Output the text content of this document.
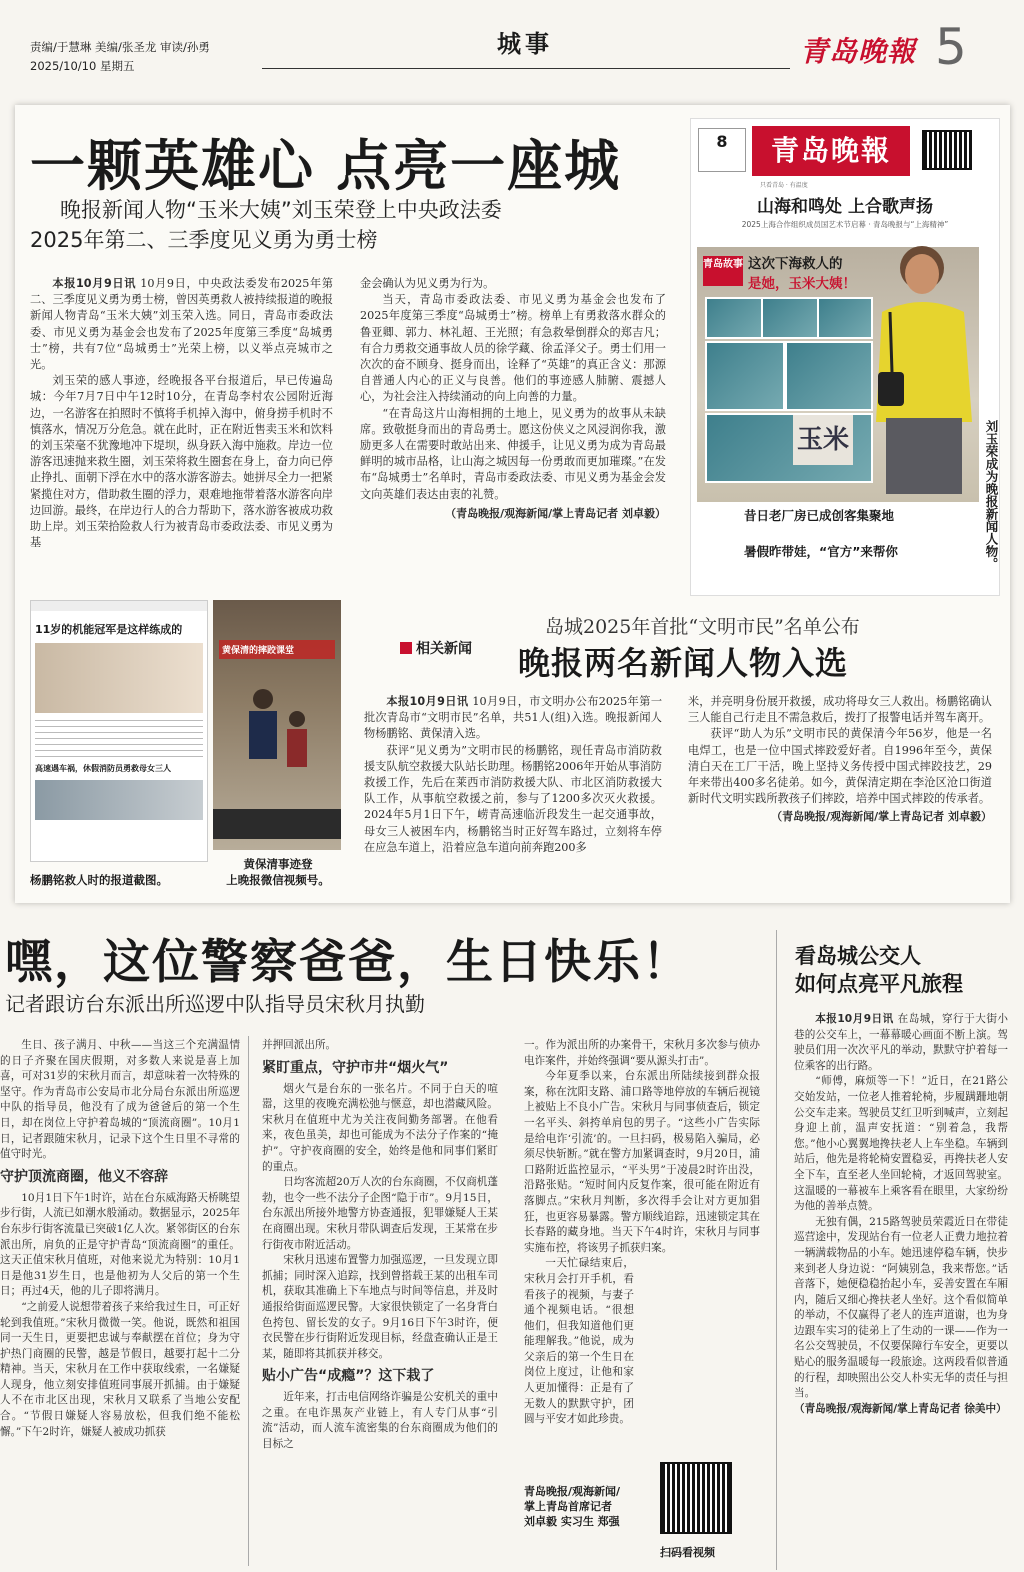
责编/于慧琳 美编/张圣龙 审读/孙勇
2025/10/10 星期五
城事	青岛晚報 5
一颗英雄心 点亮一座城
晚报新闻人物“玉米大姨”刘玉荣登上中央政法委
2025年第二、三季度见义勇为勇士榜

本报10月9日讯 10月9日，中央政法委发布2025年第二、三季度见义勇为勇士榜，曾因英勇救人被持续报道的晚报新闻人物青岛“玉米大姨”刘玉荣入选。同日，青岛市委政法委、市见义勇为基金会也发布了2025年度第三季度“岛城勇士”榜，共有7位“岛城勇士”光荣上榜，以义举点亮城市之光。

刘玉荣的感人事迹，经晚报各平台报道后，早已传遍岛城：今年7月7日中午12时10分，在青岛李村农公园附近海边，一名游客在拍照时不慎将手机掉入海中，俯身捞手机时不慎落水，情况万分危急。就在此时，正在附近售卖玉米和饮料的刘玉荣毫不犹豫地冲下堤坝，纵身跃入海中施救。岸边一位游客迅速抛来救生圈，刘玉荣将救生圈套在身上，奋力向已停止挣扎、面朝下浮在水中的落水游客游去。她拼尽全力一把紧紧揽住对方，借助救生圈的浮力，艰难地拖带着落水游客向岸边回游。最终，在岸边行人的合力帮助下，落水游客被成功救助上岸。刘玉荣拾险救人行为被青岛市委政法委、市见义勇为基

金会确认为见义勇为行为。

当天，青岛市委政法委、市见义勇为基金会也发布了2025年度第三季度“岛城勇士”榜。榜单上有勇救落水群众的鲁亚卿、郭力、林礼超、王光照；有急救晕倒群众的郑吉凡；有合力勇救交通事故人员的徐学藏、徐孟泽父子。勇士们用一次次的奋不顾身、挺身而出，诠释了“英雄”的真正含义：那源自普通人内心的正义与良善。他们的事迹感人肺腑、震撼人心，为社会注入持续涌动的向上向善的力量。

“在青岛这片山海相拥的土地上，见义勇为的故事从未缺席。致敬挺身而出的青岛勇士。愿这份侠义之风浸润你我，激励更多人在需要时敢站出来、伸援手，让见义勇为成为青岛最鲜明的城市品格，让山海之城因每一份勇敢而更加璀璨。”在发布“岛城勇士”名单时，青岛市委政法委、市见义勇为基金会发文向英雄们表达由衷的礼赞。

（青岛晚报/观海新闻/掌上青岛记者 刘卓毅）
8	青岛晚報
只看青岛 · 有温度
山海和鸣处 上合歌声扬
2025上海合作组织成员国艺术节启幕 · 青岛晚报与“上海精神”
玉米
青岛故事 这次下海救人的
是她，玉米大姨！
昔日老厂房已成创客集聚地
暑假昨带娃，“官方”来帮你	刘玉荣成为晚报新闻人物。
11岁的机能冠军是这样练成的
高速遇车祸，休假消防员勇救母女三人
杨鹏铭救人时的报道截图。
黄保清的摔跤课堂
黄保清事迹登
上晚报微信视频号。
相关新闻
岛城2025年首批“文明市民”名单公布
晚报两名新闻人物入选

本报10月9日讯 10月9日，市文明办公布2025年第一批次青岛市“文明市民”名单，共51人(组)入选。晚报新闻人物杨鹏铭、黄保清入选。

获评“见义勇为”文明市民的杨鹏铭，现任青岛市消防救援支队航空救援大队站长助理。杨鹏铭2006年开始从事消防救援工作，先后在莱西市消防救援大队、市北区消防救援大队工作，从事航空救援之前，参与了1200多次灭火救援。2024年5月1日下午，崂青高速临沂段发生一起交通事故，母女三人被困车内，杨鹏铭当时正好驾车路过，立刻将车停在应急车道上，沿着应急车道向前奔跑200多

米，并亮明身份展开救援，成功将母女三人救出。杨鹏铭确认三人能自己行走且不需急救后，拨打了报警电话并驾车离开。

获评“助人为乐”文明市民的黄保清今年56岁，他是一名电焊工，也是一位中国式摔跤爱好者。自1996年至今，黄保清白天在工厂干活，晚上坚持义务传授中国式摔跤技艺，29年来带出400多名徒弟。如今，黄保清定期在李沧区沧口街道新时代文明实践所教孩子们摔跤，培养中国式摔跤的传承者。

（青岛晚报/观海新闻/掌上青岛记者 刘卓毅）
嘿，这位警察爸爸，生日快乐！
记者跟访台东派出所巡逻中队指导员宋秋月执勤

生日、孩子满月、中秋——当这三个充满温情的日子齐聚在国庆假期，对多数人来说是喜上加喜，可对31岁的宋秋月而言，却意味着一次特殊的坚守。作为青岛市公安局市北分局台东派出所巡逻中队的指导员，他没有了成为爸爸后的第一个生日，却在岗位上守护着岛城的“顶流商圈”。10月1日，记者跟随宋秋月，记录下这个生日里不寻常的值守时光。

守护顶流商圈，他义不容辞

10月1日下午1时许，站在台东威海路天桥眺望步行街，人流已如潮水般涌动。数据显示，2025年台东步行街客流量已突破1亿人次。紧邻街区的台东派出所，肩负的正是守护青岛“顶流商圈”的重任。这天正值宋秋月值班，对他来说尤为特别：10月1日是他31岁生日，也是他初为人父后的第一个生日；再过4天，他的儿子即将满月。

“之前爱人说想带着孩子来给我过生日，可正好轮到我值班。”宋秋月微微一笑。他说，既然和祖国同一天生日，更要把忠诚与奉献摆在首位；身为守护热门商圈的民警，越是节假日，越要打起十二分精神。当天，宋秋月在工作中获取线索，一名嫌疑人现身，他立刻安排值班同事展开抓捕。由于嫌疑人不在市北区出现，宋秋月又联系了当地公安配合。“节假日嫌疑人容易放松，但我们绝不能松懈。”下午2时许，嫌疑人被成功抓获

并押回派出所。

紧盯重点，守护市井“烟火气”

烟火气是台东的一张名片。不同于白天的喧嚣，这里的夜晚充满松弛与惬意，却也潜藏风险。宋秋月在值班中尤为关注夜间勤务部署。在他看来，夜色虽美，却也可能成为不法分子作案的“掩护”。守护夜商圈的安全，始终是他和同事们紧盯的重点。

日均客流超20万人次的台东商圈，不仅商机蓬勃，也令一些不法分子企图“隐于市”。9月15日，台东派出所接外地警方协查通报，犯罪嫌疑人王某在商圈出现。宋秋月带队调查后发现，王某常在步行街夜市附近活动。

宋秋月迅速布置警力加强巡逻，一旦发现立即抓捕；同时深入追踪，找到曾搭载王某的出租车司机，获取其准确上下车地点与时间等信息，并及时通报给街面巡逻民警。大家很快锁定了一名身背白色挎包、留长发的女子。9月16日下午3时许，便衣民警在步行街附近发现目标，经盘查确认正是王某，随即将其抓获并移交。

贴小广告“成瘾”？这下栽了

近年来，打击电信网络诈骗是公安机关的重中之重。在电诈黑灰产业链上，有人专门从事“引流”活动，而人流车流密集的台东商圈成为他们的目标之

一。作为派出所的办案骨干，宋秋月多次参与侦办电诈案件，并始终强调“要从源头打击”。

今年夏季以来，台东派出所陆续接到群众报案，称在沈阳支路、浦口路等地停放的车辆后视镜上被贴上不良小广告。宋秋月与同事侦查后，锁定一名平头、斜挎单肩包的男子。“这些小广告实际是给电诈‘引流’的。一旦扫码，极易陷入骗局，必须尽快斩断。”就在警方加紧调查时，9月20日，浦口路附近监控显示，“平头男”于凌晨2时许出没，沿路张贴。“短时间内反复作案，很可能在附近有落脚点。”宋秋月判断，多次得手会让对方更加猖狂，也更容易暴露。警方顺线追踪，迅速锁定其在长春路的藏身地。当天下午4时许，宋秋月与同事实施布控，将该男子抓获归案。

一天忙碌结束后，宋秋月会打开手机，看看孩子的视频，与妻子通个视频电话。“很想他们，但我知道他们更能理解我。”他说，成为父亲后的第一个生日在岗位上度过，让他和家人更加懂得：正是有了无数人的默默守护，团圆与平安才如此珍贵。

青岛晚报/观海新闻/掌上青岛首席记者 刘卓毅 实习生 郑强
扫码看视频
看岛城公交人
如何点亮平凡旅程

本报10月9日讯 在岛城，穿行于大街小巷的公交车上，一幕幕暖心画面不断上演。驾驶员们用一次次平凡的举动，默默守护着每一位乘客的出行路。

“师傅，麻烦等一下！”近日，在21路公交始发站，一位老人推着轮椅，步履蹒跚地朝公交车走来。驾驶员艾红卫听到喊声，立刻起身迎上前，温声安抚道：“别着急，我帮您。”他小心翼翼地搀扶老人上车坐稳。车辆到站后，他先是将轮椅安置稳妥，再搀扶老人安全下车，直至老人坐回轮椅，才返回驾驶室。这温暖的一幕被车上乘客看在眼里，大家纷纷为他的善举点赞。

无独有偶，215路驾驶员荣霞近日在带徒巡营途中，发现站台有一位老人正费力地拉着一辆满载物品的小车。她迅速停稳车辆，快步来到老人身边说：“阿姨别急，我来帮您。”话音落下，她便稳稳抬起小车，妥善安置在车厢内，随后又细心搀扶老人坐好。这个看似简单的举动，不仅赢得了老人的连声道谢，也为身边跟车实习的徒弟上了生动的一课——作为一名公交驾驶员，不仅要保障行车安全，更要以贴心的服务温暖每一段旅途。这两段看似普通的行程，却映照出公交人朴实无华的责任与担当。

（青岛晚报/观海新闻/掌上青岛记者 徐美中）
